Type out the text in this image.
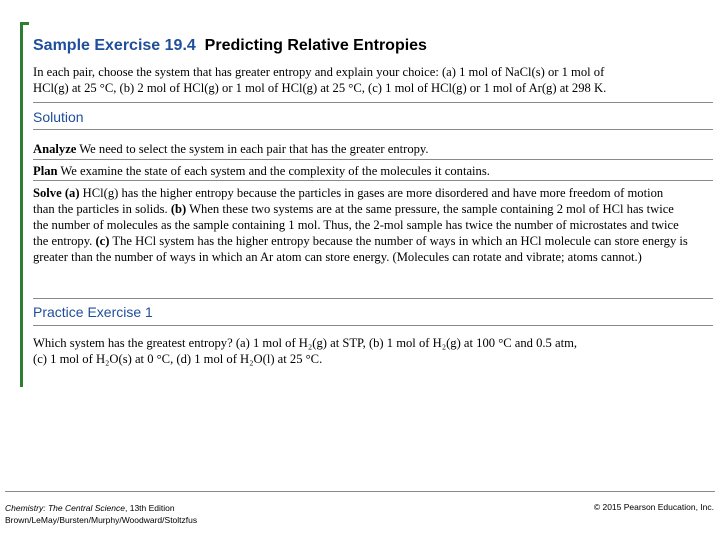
Sample Exercise 19.4 Predicting Relative Entropies
In each pair, choose the system that has greater entropy and explain your choice: (a) 1 mol of NaCl(s) or 1 mol of
HCl(g) at 25 °C, (b) 2 mol of HCl(g) or 1 mol of HCl(g) at 25 °C, (c) 1 mol of HCl(g) or 1 mol of Ar(g) at 298 K.
Solution
Analyze We need to select the system in each pair that has the greater entropy.
Plan We examine the state of each system and the complexity of the molecules it contains.
Solve (a) HCl(g) has the higher entropy because the particles in gases are more disordered and have more freedom of motion than the particles in solids. (b) When these two systems are at the same pressure, the sample containing 2 mol of HCl has twice the number of molecules as the sample containing 1 mol. Thus, the 2-mol sample has twice the number of microstates and twice the entropy. (c) The HCl system has the higher entropy because the number of ways in which an HCl molecule can store energy is greater than the number of ways in which an Ar atom can store energy. (Molecules can rotate and vibrate; atoms cannot.)
Practice Exercise 1
Which system has the greatest entropy? (a) 1 mol of H₂(g) at STP, (b) 1 mol of H₂(g) at 100 °C and 0.5 atm,
(c) 1 mol of H₂O(s) at 0 °C, (d) 1 mol of H₂O(l) at 25 °C.
Chemistry: The Central Science, 13th Edition
Brown/LeMay/Bursten/Murphy/Woodward/Stoltzfus
© 2015 Pearson Education, Inc.
